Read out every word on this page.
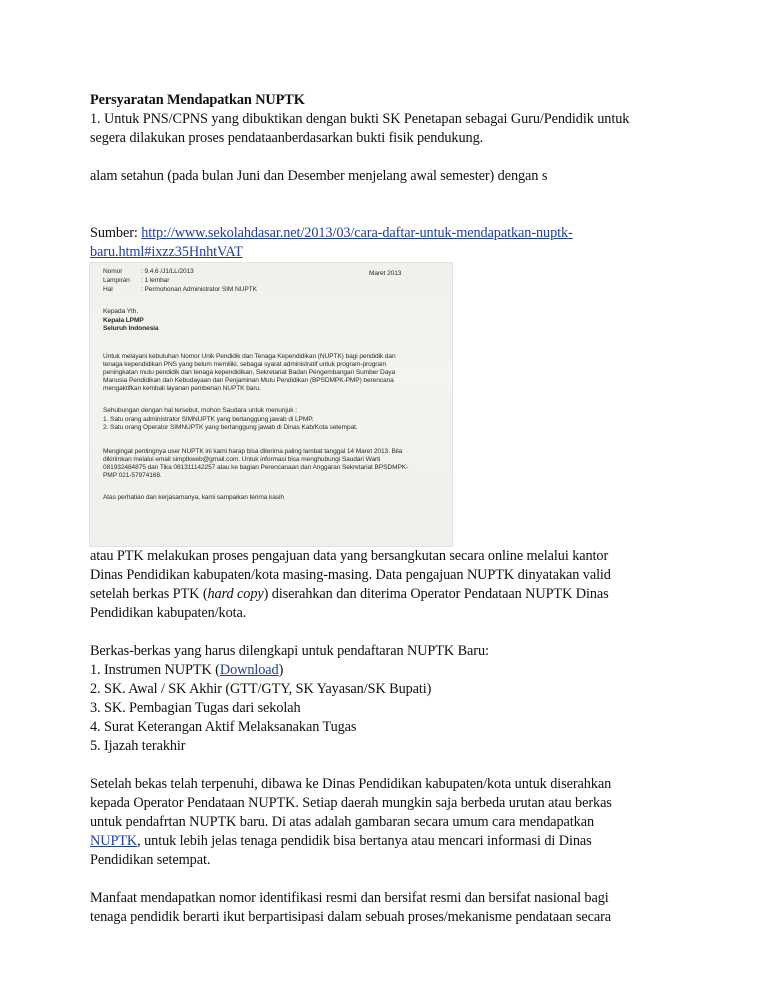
Persyaratan Mendapatkan NUPTK
1. Untuk PNS/CPNS yang dibuktikan dengan bukti SK Penetapan sebagai Guru/Pendidik untuk
segera dilakukan proses pendataanberdasarkan bukti fisik pendukung.
alam setahun (pada bulan Juni dan Desember menjelang awal semester) dengan s
Sumber: http://www.sekolahdasar.net/2013/03/cara-daftar-untuk-mendapatkan-nuptk-
baru.html#ixzz35HnhtVAT
Nomor	: 9.4.6 /J1/LL/2013	Maret 2013
Lampiran : 1 lembar
Hal	: Permohonan Administrator SIM NUPTK
Kepada Yth.
Kepala LPMP
Seluruh Indonesia
Untuk melayani kebutuhan Nomor Unik Pendidik dan Tenaga Kependidikan (NUPTK) bagi pendidik dan
tenaga kependidikan PNS yang belum memiliki, sebagai syarat administratif untuk program-program
peningkatan mutu pendidik dan tenaga kependidikan, Sekretariat Badan Pengembangan Sumber Daya
Manusia Pendidikan dan Kebudayaan dan Penjaminan Mutu Pendidikan (BPSDMPK-PMP) berencana
mengaktifkan kembali layanan pemberian NUPTK baru.
Sehubungan dengan hal tersebut, mohon Saudara untuk menunjuk :
1. Satu orang administrator SIMNUPTK yang bertanggung jawab di LPMP.
2. Satu orang Operator SIMNUPTK yang bertanggung jawab di Dinas Kab/Kota setempat.
Mengingat pentingnya user NUPTK ini kami harap bisa diterima paling lambat tanggal 14 Maret 2013. Bila
dikirimkan melalui email simptkweb@gmail.com. Untuk informasi bisa menghubungi Saudari Warti
081932484875 dan Tika 081311142257 atau ke bagian Perencanaan dan Anggaran Sekretariat BPSDMPK-
PMP 021-57974168.
Atas perhatian dan kerjasamanya, kami sampaikan terima kasih
atau PTK melakukan proses pengajuan data yang bersangkutan secara online melalui kantor
Dinas Pendidikan kabupaten/kota masing-masing. Data pengajuan NUPTK dinyatakan valid
setelah berkas PTK (hard copy) diserahkan dan diterima Operator Pendataan NUPTK Dinas
Pendidikan kabupaten/kota.
Berkas-berkas yang harus dilengkapi untuk pendaftaran NUPTK Baru:
1. Instrumen NUPTK (Download)
2. SK. Awal / SK Akhir (GTT/GTY, SK Yayasan/SK Bupati)
3. SK. Pembagian Tugas dari sekolah
4. Surat Keterangan Aktif Melaksanakan Tugas
5. Ijazah terakhir
Setelah bekas telah terpenuhi, dibawa ke Dinas Pendidikan kabupaten/kota untuk diserahkan
kepada Operator Pendataan NUPTK. Setiap daerah mungkin saja berbeda urutan atau berkas
untuk pendafrtan NUPTK baru. Di atas adalah gambaran secara umum cara mendapatkan
NUPTK, untuk lebih jelas tenaga pendidik bisa bertanya atau mencari informasi di Dinas
Pendidikan setempat.
Manfaat mendapatkan nomor identifikasi resmi dan bersifat resmi dan bersifat nasional bagi
tenaga pendidik berarti ikut berpartisipasi dalam sebuah proses/mekanisme pendataan secara
